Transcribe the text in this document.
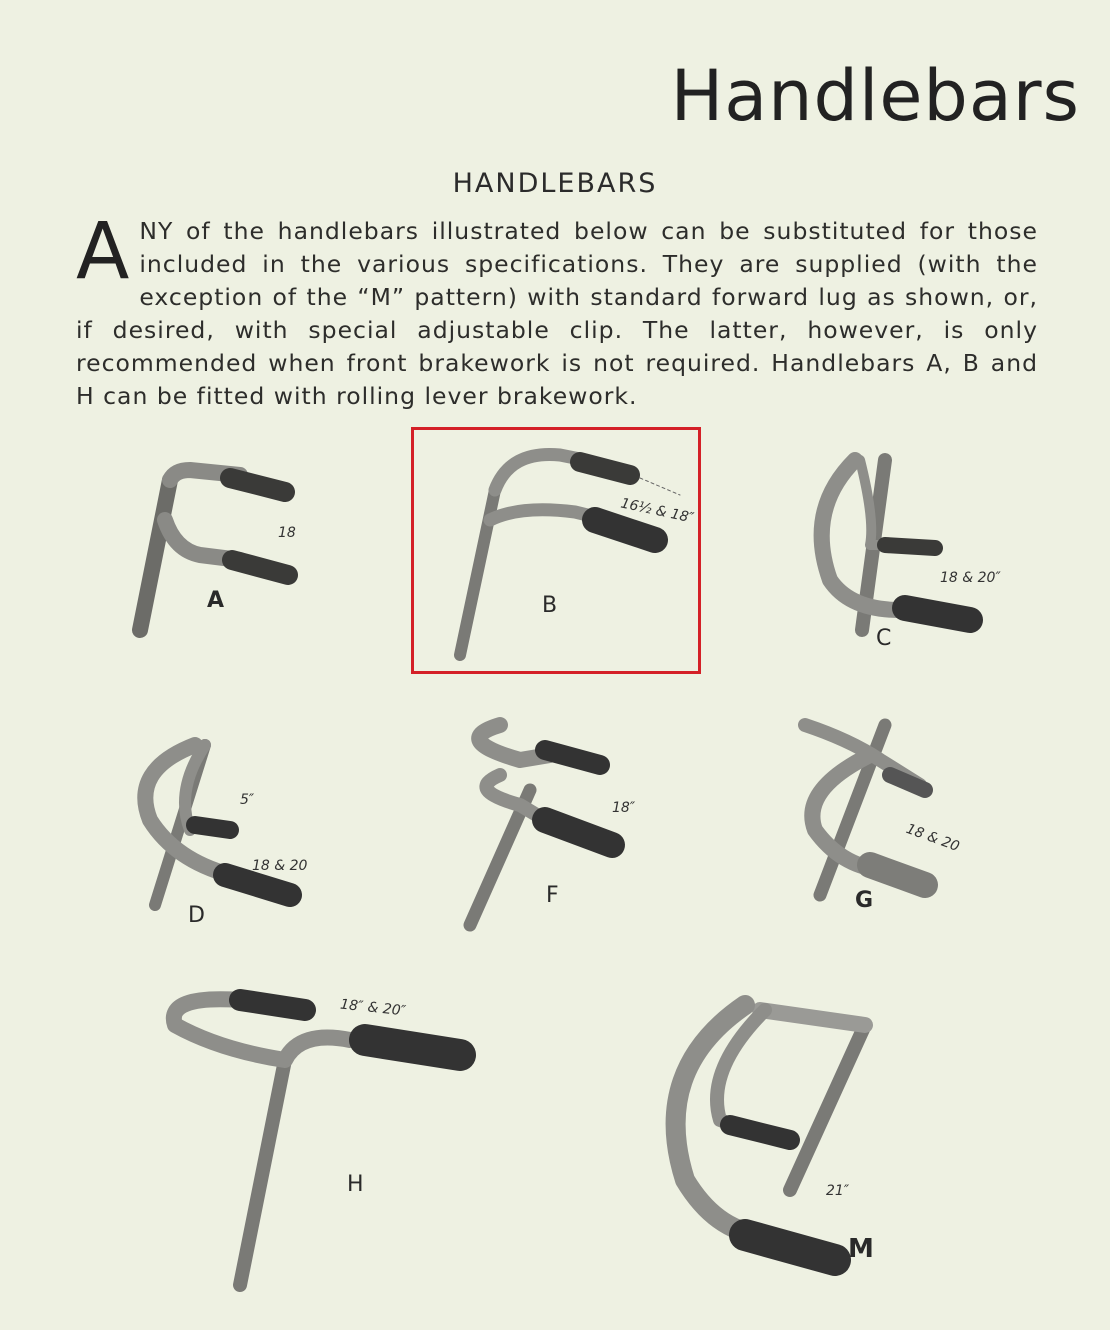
Handlebars
HANDLEBARS
A NY of the handlebars illustrated below can be substituted for those included in the various specifications. They are supplied (with the exception of the “M” pattern) with standard forward lug as shown, or, if desired, with special adjustable clip. The latter, however, is only recommended when front brakework is not required. Handlebars A, B and H can be fitted with rolling lever brakework.
A
18
B
16½ & 18″
C
18 & 20″
D
18 & 20
5″
F
18″
G
18 & 20
H
18″ & 20″
M
21″
